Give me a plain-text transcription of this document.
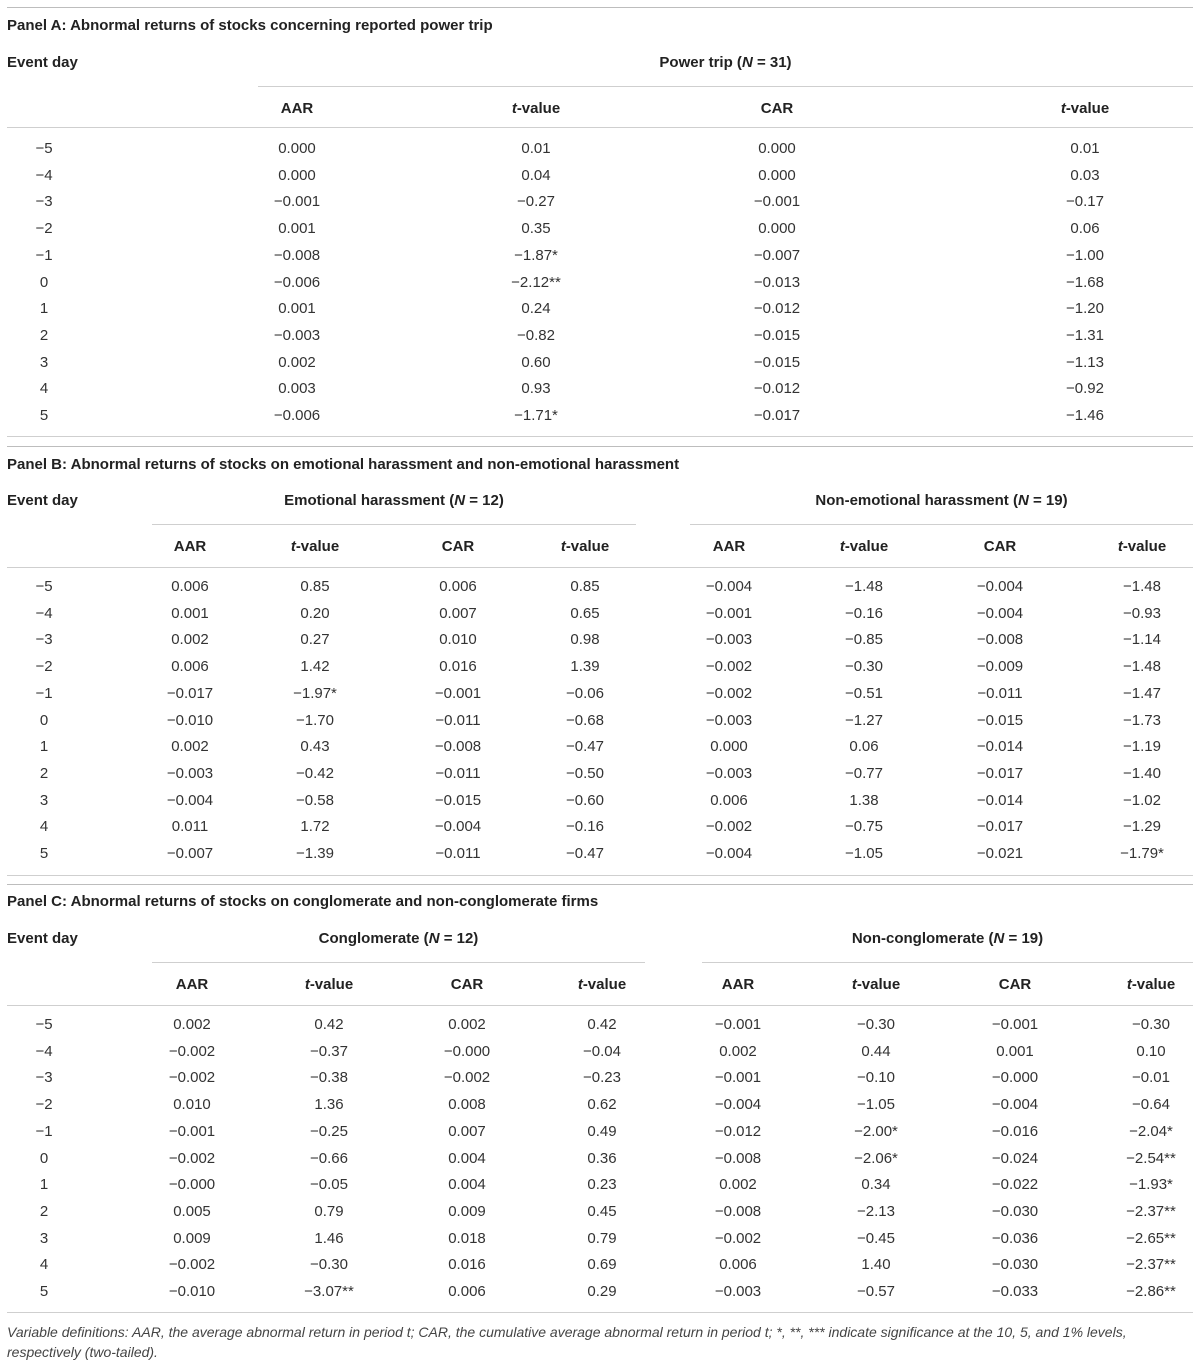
Panel A: Abnormal returns of stocks concerning reported power trip
Event day	Power trip (N = 31)
AAR	t-value	CAR	t-value
−5	0.000	0.01	0.000	0.01
−4	0.000	0.04	0.000	0.03
−3	−0.001	−0.27	−0.001	−0.17
−2	0.001	0.35	0.000	0.06
−1	−0.008	−1.87*	−0.007	−1.00
0	−0.006	−2.12**	−0.013	−1.68
1	0.001	0.24	−0.012	−1.20
2	−0.003	−0.82	−0.015	−1.31
3	0.002	0.60	−0.015	−1.13
4	0.003	0.93	−0.012	−0.92
5	−0.006	−1.71*	−0.017	−1.46
Panel B: Abnormal returns of stocks on emotional harassment and non-emotional harassment
Event day	Emotional harassment (N = 12)
AAR	t-value	CAR	t-value
Non-emotional harassment (N = 19)
AAR	t-value	CAR	t-value
−5	0.006	0.85	0.006	0.85	−0.004	−1.48	−0.004	−1.48
−4	0.001	0.20	0.007	0.65	−0.001	−0.16	−0.004	−0.93
−3	0.002	0.27	0.010	0.98	−0.003	−0.85	−0.008	−1.14
−2	0.006	1.42	0.016	1.39	−0.002	−0.30	−0.009	−1.48
−1	−0.017	−1.97*	−0.001	−0.06	−0.002	−0.51	−0.011	−1.47
0	−0.010	−1.70	−0.011	−0.68	−0.003	−1.27	−0.015	−1.73
1	0.002	0.43	−0.008	−0.47	0.000	0.06	−0.014	−1.19
2	−0.003	−0.42	−0.011	−0.50	−0.003	−0.77	−0.017	−1.40
3	−0.004	−0.58	−0.015	−0.60	0.006	1.38	−0.014	−1.02
4	0.011	1.72	−0.004	−0.16	−0.002	−0.75	−0.017	−1.29
5	−0.007	−1.39	−0.011	−0.47	−0.004	−1.05	−0.021	−1.79*
Panel C: Abnormal returns of stocks on conglomerate and non-conglomerate firms
Event day	Conglomerate (N = 12)
AAR	t-value	CAR	t-value
Non-conglomerate (N = 19)
AAR	t-value	CAR	t-value
−5	0.002	0.42	0.002	0.42	−0.001	−0.30	−0.001	−0.30
−4	−0.002	−0.37	−0.000	−0.04	0.002	0.44	0.001	0.10
−3	−0.002	−0.38	−0.002	−0.23	−0.001	−0.10	−0.000	−0.01
−2	0.010	1.36	0.008	0.62	−0.004	−1.05	−0.004	−0.64
−1	−0.001	−0.25	0.007	0.49	−0.012	−2.00*	−0.016	−2.04*
0	−0.002	−0.66	0.004	0.36	−0.008	−2.06*	−0.024	−2.54**
1	−0.000	−0.05	0.004	0.23	0.002	0.34	−0.022	−1.93*
2	0.005	0.79	0.009	0.45	−0.008	−2.13	−0.030	−2.37**
3	0.009	1.46	0.018	0.79	−0.002	−0.45	−0.036	−2.65**
4	−0.002	−0.30	0.016	0.69	0.006	1.40	−0.030	−2.37**
5	−0.010	−3.07**	0.006	0.29	−0.003	−0.57	−0.033	−2.86**
Variable definitions: AAR, the average abnormal return in period t; CAR, the cumulative average abnormal return in period t; *, **, *** indicate significance at the 10, 5, and 1% levels, respectively (two-tailed).
